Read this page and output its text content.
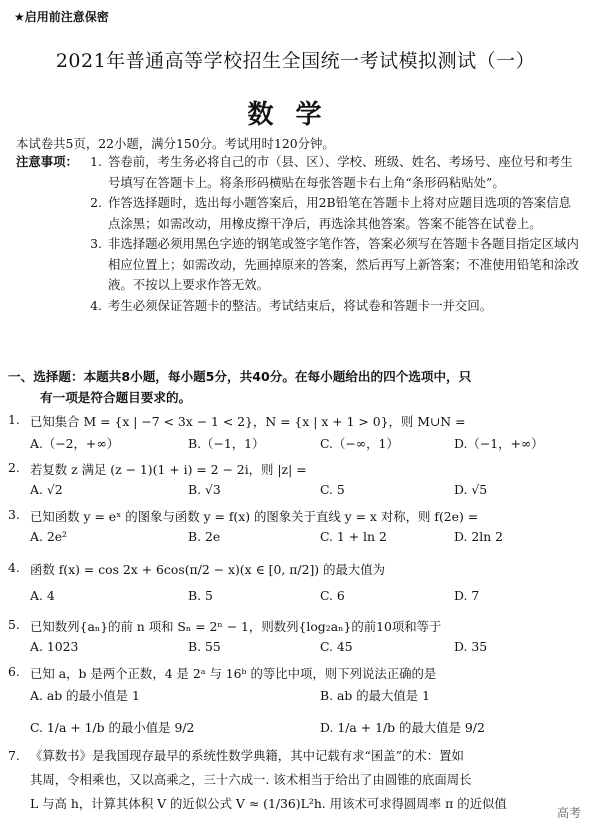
★启用前注意保密
2021年普通高等学校招生全国统一考试模拟测试（一）
数学
本试卷共5页，22小题，满分150分。考试用时120分钟。
注意事项： 1. 答卷前，考生务必将自己的市（县、区）、学校、班级、姓名、考场号、座位号和考生号填写在答题卡上。将条形码横贴在每张答题卡右上角“条形码粘贴处”。
2. 作答选择题时，选出每小题答案后，用2B铅笔在答题卡上将对应题目选项的答案信息点涂黑；如需改动，用橡皮擦干净后，再选涂其他答案。答案不能答在试卷上。
3. 非选择题必须用黑色字迹的钢笔或签字笔作答，答案必须写在答题卡各题目指定区域内相应位置上；如需改动，先画掉原来的答案，然后再写上新答案；不准使用铅笔和涂改液。不按以上要求作答无效。
4. 考生必须保证答题卡的整洁。考试结束后，将试卷和答题卡一并交回。
一、选择题：本题共8小题，每小题5分，共40分。在每小题给出的四个选项中，只
有一项是符合题目要求的。
1. 已知集合 M = {x | −7 < 3x − 1 < 2}，N = {x | x + 1 > 0}，则 M∪N =
A.（−2，+∞）	B.（−1，1）	C.（−∞，1）	D.（−1，+∞）
2. 若复数 z 满足 (z − 1)(1 + i) = 2 − 2i，则 |z| =
A. √2	B. √3	C. 5	D. √5
3. 已知函数 y = eˣ 的图象与函数 y = f(x) 的图象关于直线 y = x 对称，则 f(2e) =
A. 2e²	B. 2e	C. 1 + ln 2	D. 2ln 2
4. 函数 f(x) = cos 2x + 6cos(π/2 − x)(x ∈ [0, π/2]) 的最大值为
A. 4	B. 5	C. 6	D. 7
5. 已知数列{aₙ}的前 n 项和 Sₙ = 2ⁿ − 1，则数列{log₂aₙ}的前10项和等于
A. 1023	B. 55	C. 45	D. 35
6. 已知 a，b 是两个正数，4 是 2ᵃ 与 16ᵇ 的等比中项，则下列说法正确的是
A. ab 的最小值是 1	B. ab 的最大值是 1
C. 1/a + 1/b 的最小值是 9/2	D. 1/a + 1/b 的最大值是 9/2
7. 《算数书》是我国现存最早的系统性数学典籍，其中记载有求“囷盖”的术：置如
其周，令相乘也，又以高乘之，三十六成一. 该术相当于给出了由圆锥的底面周长
L 与高 h，计算其体积 V 的近似公式 V ≈ (1/36)L²h. 用该术可求得圆周率 π 的近似值
高考
